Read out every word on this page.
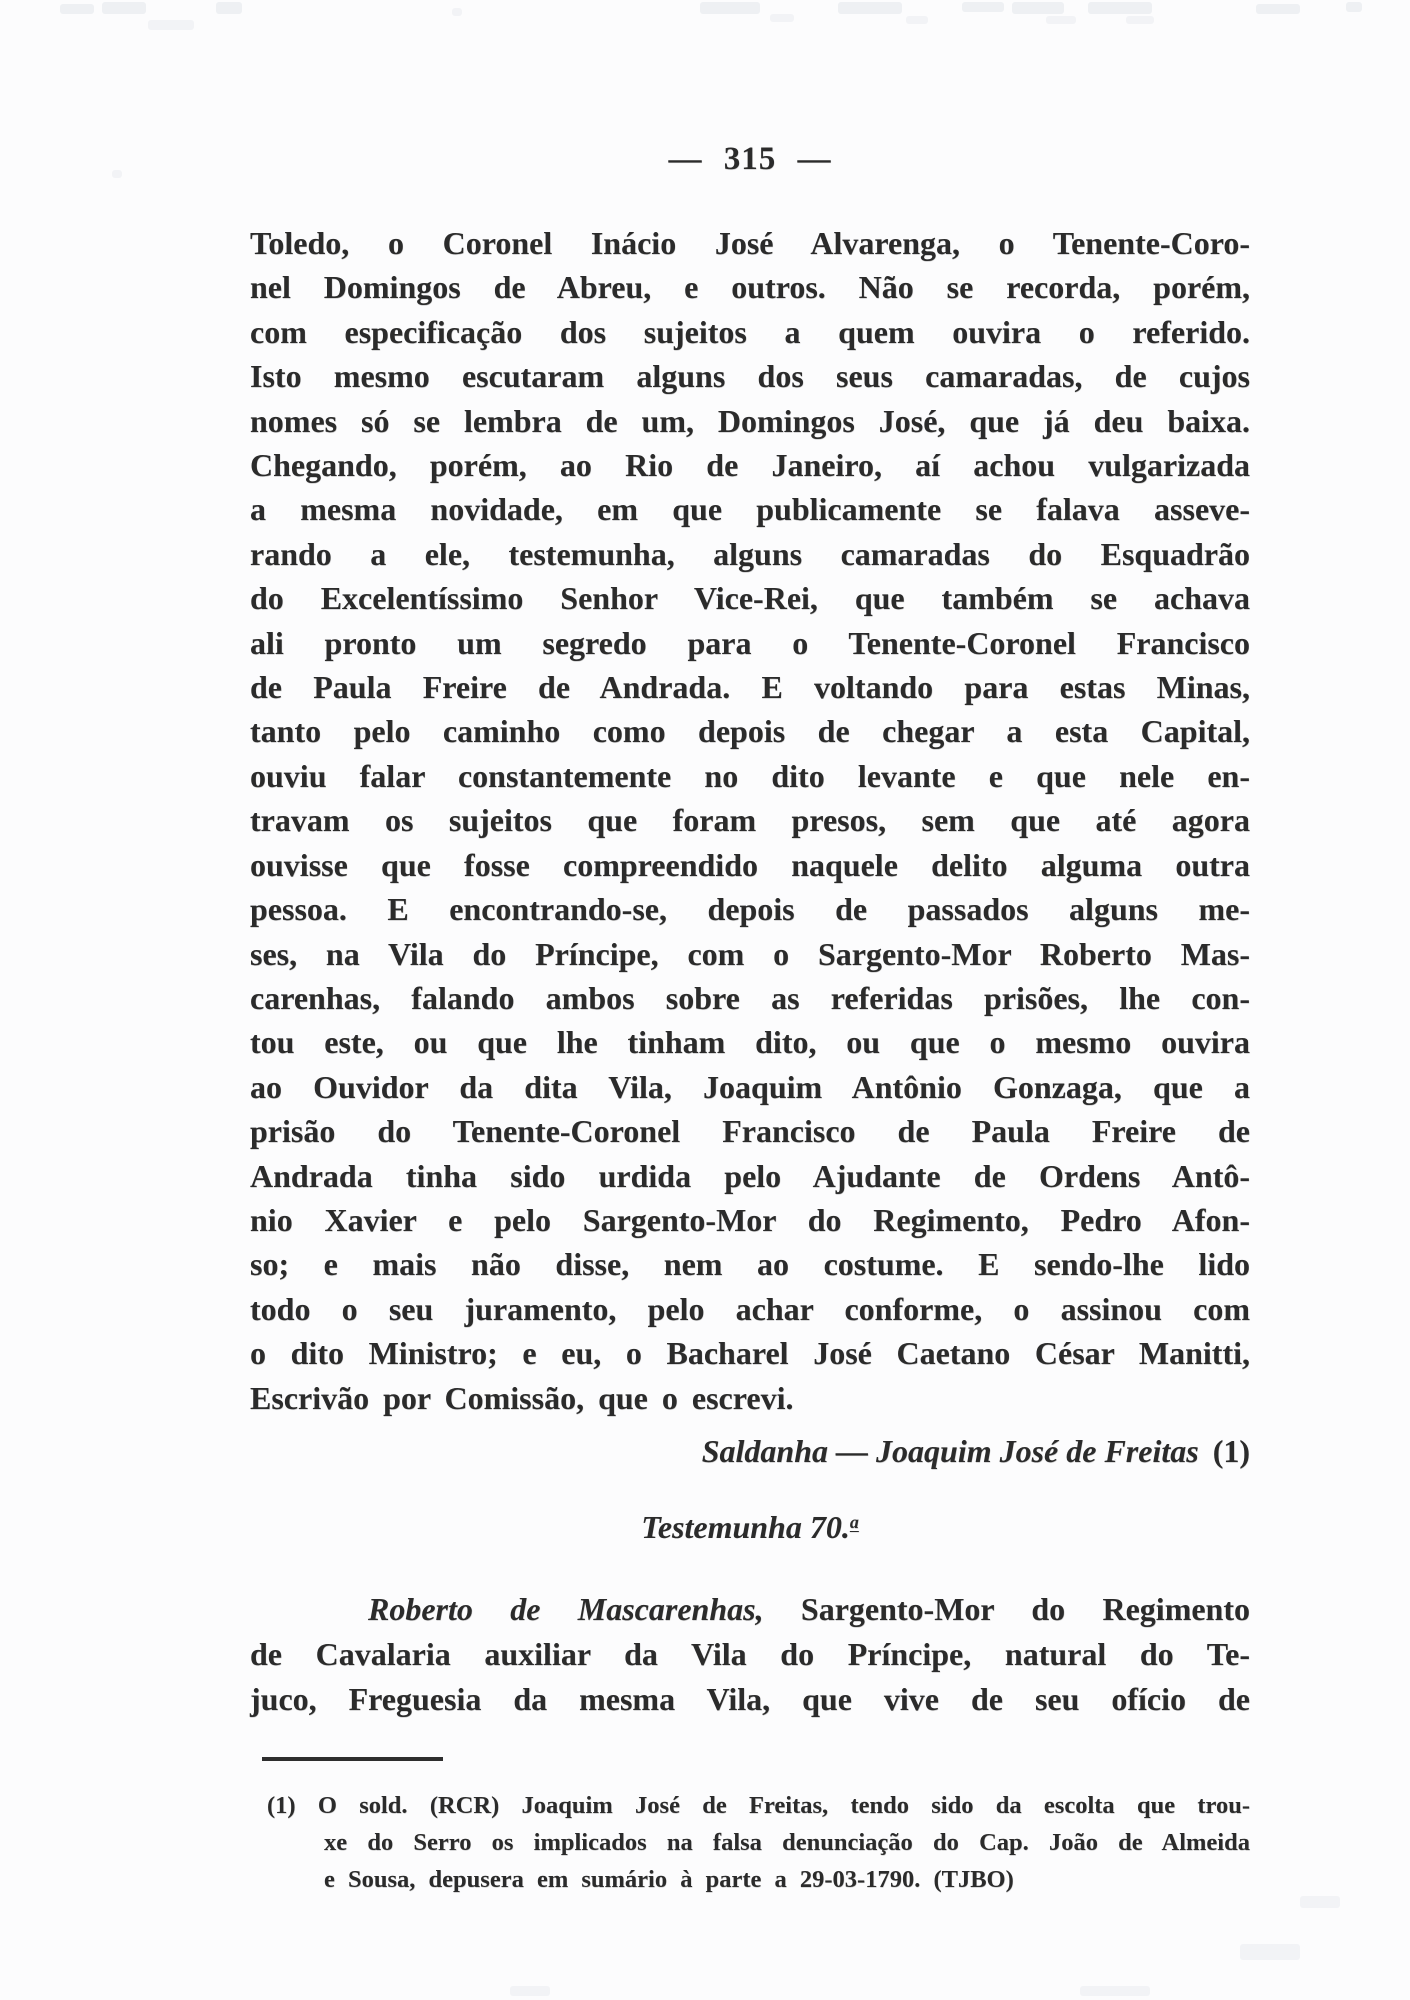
— 315 —
Toledo, o Coronel Inácio José Alvarenga, o Tenente-Coro-
nel Domingos de Abreu, e outros. Não se recorda, porém,
com especificação dos sujeitos a quem ouvira o referido.
Isto mesmo escutaram alguns dos seus camaradas, de cujos
nomes só se lembra de um, Domingos José, que já deu baixa.
Chegando, porém, ao Rio de Janeiro, aí achou vulgarizada
a mesma novidade, em que publicamente se falava asseve-
rando a ele, testemunha, alguns camaradas do Esquadrão
do Excelentíssimo Senhor Vice-Rei, que também se achava
ali pronto um segredo para o Tenente-Coronel Francisco
de Paula Freire de Andrada. E voltando para estas Minas,
tanto pelo caminho como depois de chegar a esta Capital,
ouviu falar constantemente no dito levante e que nele en-
travam os sujeitos que foram presos, sem que até agora
ouvisse que fosse compreendido naquele delito alguma outra
pessoa. E encontrando-se, depois de passados alguns me-
ses, na Vila do Príncipe, com o Sargento-Mor Roberto Mas-
carenhas, falando ambos sobre as referidas prisões, lhe con-
tou este, ou que lhe tinham dito, ou que o mesmo ouvira
ao Ouvidor da dita Vila, Joaquim Antônio Gonzaga, que a
prisão do Tenente-Coronel Francisco de Paula Freire de
Andrada tinha sido urdida pelo Ajudante de Ordens Antô-
nio Xavier e pelo Sargento-Mor do Regimento, Pedro Afon-
so; e mais não disse, nem ao costume. E sendo-lhe lido
todo o seu juramento, pelo achar conforme, o assinou com
o dito Ministro; e eu, o Bacharel José Caetano César Manitti,
Escrivão por Comissão, que o escrevi.
Saldanha — Joaquim José de Freitas (1)
Testemunha 70.$^a$
Roberto de Mascarenhas, Sargento-Mor do Regimento
de Cavalaria auxiliar da Vila do Príncipe, natural do Te-
juco, Freguesia da mesma Vila, que vive de seu ofício de
(1) O sold. (RCR) Joaquim José de Freitas, tendo sido da escolta que trou-
xe do Serro os implicados na falsa denunciação do Cap. João de Almeida
e Sousa, depusera em sumário à parte a 29-03-1790. (TJBO)
